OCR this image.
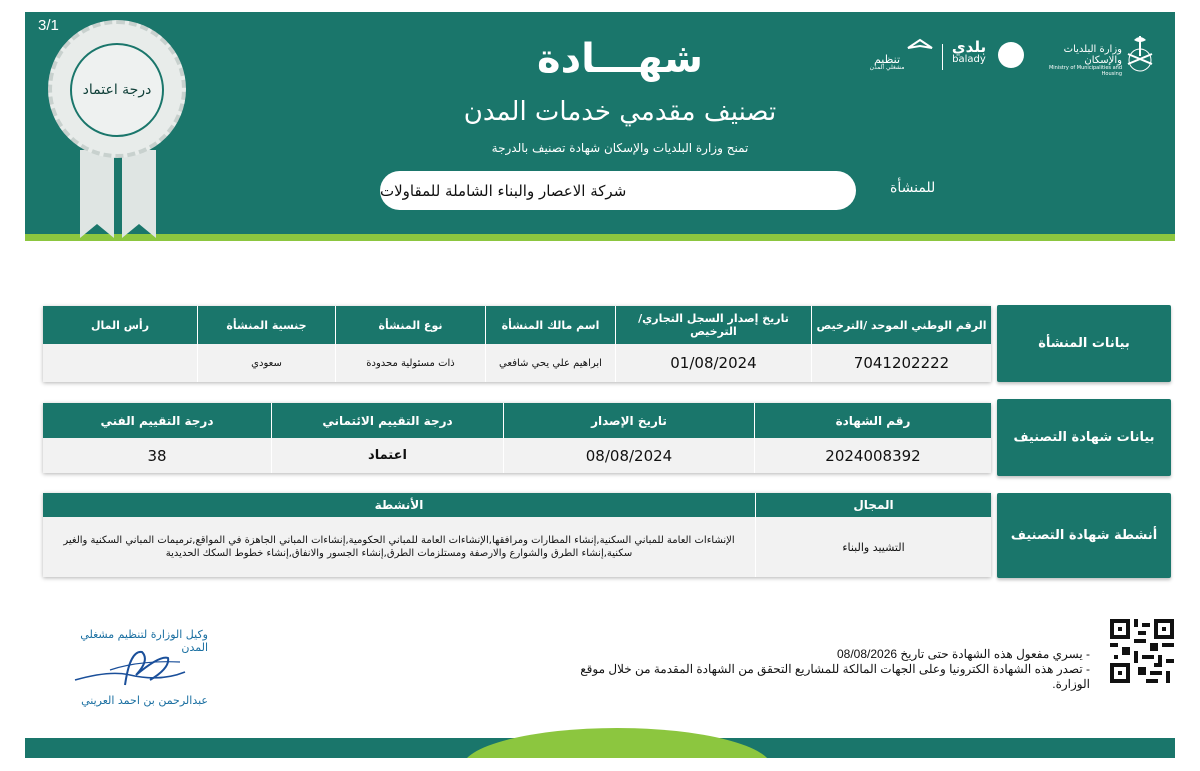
3/1
درجة اعتماد
شهـــادة
تصنيف مقدمي خدمات المدن
تمنح وزارة البلديات والإسكان شهادة تصنيف بالدرجة
للمنشأة
شركة الاعصار والبناء الشاملة للمقاولات
وزارة البلديات والإسكان
Ministry of Municipalities and Housing
بلدي
balady
تنظيم
مشغلي المدن
بيانات المنشأة
الرقم الوطني الموحد /الترخيص
تاريخ إصدار السجل التجاري/ الترخيص
اسم مالك المنشأة
نوع المنشأة
جنسية المنشأة
رأس المال
7041202222
01/08/2024
ابراهيم علي يحي شافعي
ذات مسئولية محدودة
سعودي
بيانات شهادة التصنيف
رقم الشهادة
تاريخ الإصدار
درجة التقييم الائتماني
درجة التقييم الفني
2024008392
08/08/2024
اعتماد
38
أنشطة شهادة التصنيف
المجال
الأنشطة
التشييد والبناء
الإنشاءات العامة للمباني السكنية,إنشاء المطارات ومرافقها,الإنشاءات العامة للمباني الحكومية,إنشاءات المباني الجاهزة في المواقع,ترميمات المباني السكنية والغير سكنية,إنشاء الطرق والشوارع والارصفة ومستلزمات الطرق,إنشاء الجسور والانفاق,إنشاء خطوط السكك الحديدية
- يسري مفعول هذه الشهادة حتى تاريخ 08/08/2026
- تصدر هذه الشهادة الكترونيا وعلى الجهات المالكة للمشاريع التحقق من الشهادة المقدمة من خلال موقع الوزارة.
وكيل الوزارة لتنظيم مشغلي المدن
عبدالرحمن بن احمد العريني
